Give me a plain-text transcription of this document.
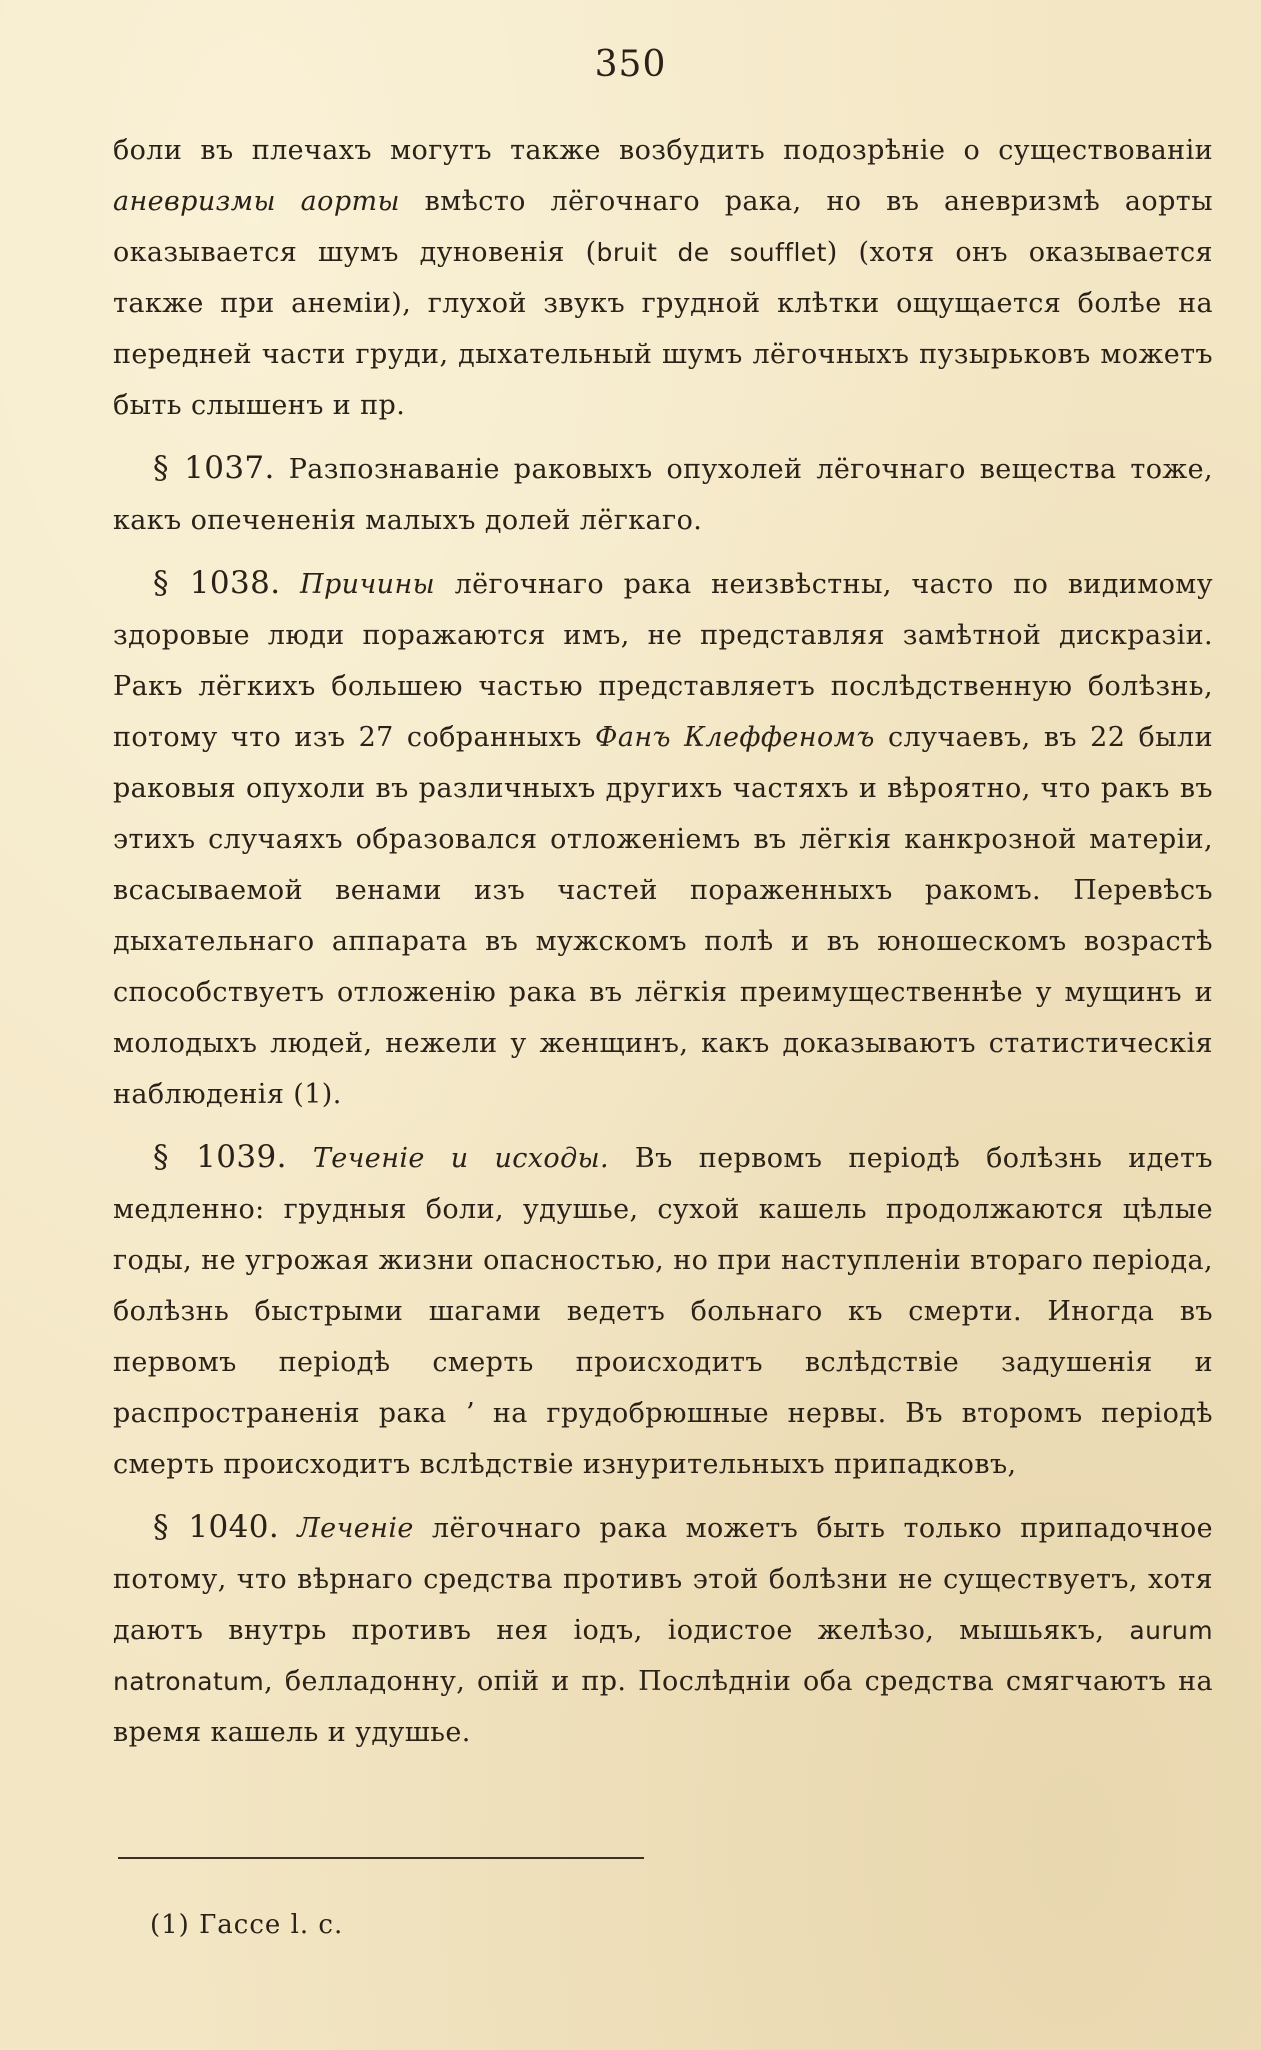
350

боли въ плечахъ могутъ также возбудить подозрѣніе о существованіи аневризмы аорты вмѣсто лёгочнаго рака, но въ аневризмѣ аорты оказывается шумъ дуновенія (bruit de soufflet) (хотя онъ оказывается также при анеміи), глухой звукъ грудной клѣтки ощущается болѣе на передней части груди, дыхательный шумъ лёгочныхъ пузырьковъ можетъ быть слышенъ и пр.

§ 1037. Разпознаваніе раковыхъ опухолей лёгочнаго вещества тоже, какъ опечененія малыхъ долей лёгкаго.

§ 1038. Причины лёгочнаго рака неизвѣстны, часто по видимому здоровые люди поражаются имъ, не представляя замѣтной дискразіи. Ракъ лёгкихъ большею частью представляетъ послѣдственную болѣзнь, потому что изъ 27 собранныхъ Фанъ Клеффеномъ случаевъ, въ 22 были раковыя опухоли въ различныхъ другихъ частяхъ и вѣроятно, что ракъ въ этихъ случаяхъ образовался отложеніемъ въ лёгкія канкрозной матеріи, всасываемой венами изъ частей пораженныхъ ракомъ. Перевѣсъ дыхательнаго аппарата въ мужскомъ полѣ и въ юношескомъ возрастѣ способствуетъ отложенію рака въ лёгкія преимущественнѣе у мущинъ и молодыхъ людей, нежели у женщинъ, какъ доказываютъ статистическія наблюденія (1).

§ 1039. Теченіе и исходы. Въ первомъ періодѣ болѣзнь идетъ медленно: грудныя боли, удушье, сухой кашель продолжаются цѣлые годы, не угрожая жизни опасностью, но при наступленіи втораго періода, болѣзнь быстрыми шагами ведетъ больнаго къ смерти. Иногда въ первомъ періодѣ смерть происходитъ вслѣдствіе задушенія и распространенія рака ʼ на грудобрюшные нервы. Въ второмъ періодѣ смерть происходитъ вслѣдствіе изнурительныхъ припадковъ,

§ 1040. Леченіе лёгочнаго рака можетъ быть только припадочное потому, что вѣрнаго средства противъ этой болѣзни не существуетъ, хотя даютъ внутрь противъ нея іодъ, іодистое желѣзо, мышьякъ, aurum natronatum, белладонну, опій и пр. Послѣдніи оба средства смягчаютъ на время кашель и удушье.

(1) Гассе l. c.
